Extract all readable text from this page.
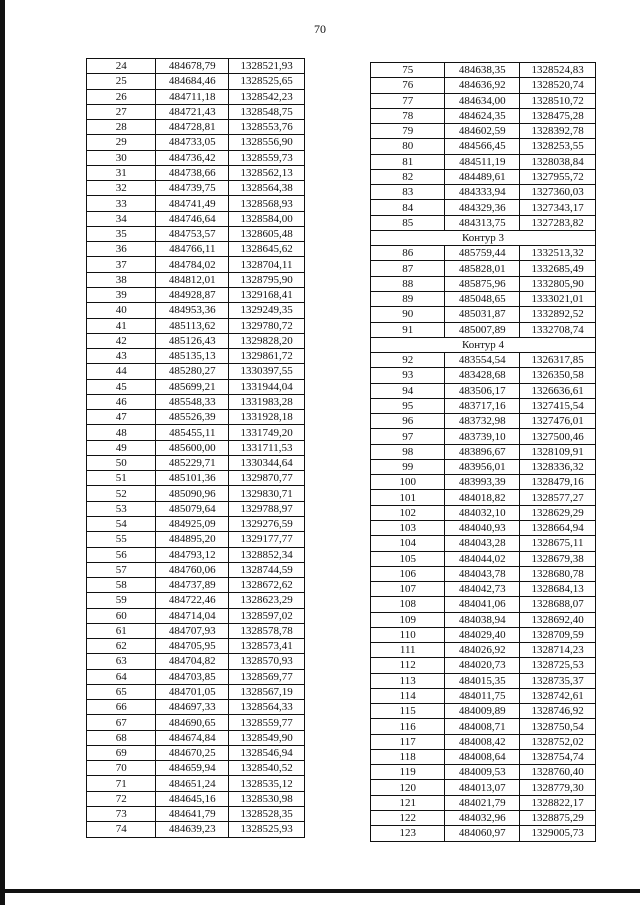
70
24	484678,79	1328521,93
25	484684,46	1328525,65
26	484711,18	1328542,23
27	484721,43	1328548,75
28	484728,81	1328553,76
29	484733,05	1328556,90
30	484736,42	1328559,73
31	484738,66	1328562,13
32	484739,75	1328564,38
33	484741,49	1328568,93
34	484746,64	1328584,00
35	484753,57	1328605,48
36	484766,11	1328645,62
37	484784,02	1328704,11
38	484812,01	1328795,90
39	484928,87	1329168,41
40	484953,36	1329249,35
41	485113,62	1329780,72
42	485126,43	1329828,20
43	485135,13	1329861,72
44	485280,27	1330397,55
45	485699,21	1331944,04
46	485548,33	1331983,28
47	485526,39	1331928,18
48	485455,11	1331749,20
49	485600,00	1331711,53
50	485229,71	1330344,64
51	485101,36	1329870,77
52	485090,96	1329830,71
53	485079,64	1329788,97
54	484925,09	1329276,59
55	484895,20	1329177,77
56	484793,12	1328852,34
57	484760,06	1328744,59
58	484737,89	1328672,62
59	484722,46	1328623,29
60	484714,04	1328597,02
61	484707,93	1328578,78
62	484705,95	1328573,41
63	484704,82	1328570,93
64	484703,85	1328569,77
65	484701,05	1328567,19
66	484697,33	1328564,33
67	484690,65	1328559,77
68	484674,84	1328549,90
69	484670,25	1328546,94
70	484659,94	1328540,52
71	484651,24	1328535,12
72	484645,16	1328530,98
73	484641,79	1328528,35
74	484639,23	1328525,93
75	484638,35	1328524,83
76	484636,92	1328520,74
77	484634,00	1328510,72
78	484624,35	1328475,28
79	484602,59	1328392,78
80	484566,45	1328253,55
81	484511,19	1328038,84
82	484489,61	1327955,72
83	484333,94	1327360,03
84	484329,36	1327343,17
85	484313,75	1327283,82
Контур 3		
86	485759,44	1332513,32
87	485828,01	1332685,49
88	485875,96	1332805,90
89	485048,65	1333021,01
90	485031,87	1332892,52
91	485007,89	1332708,74
Контур 4		
92	483554,54	1326317,85
93	483428,68	1326350,58
94	483506,17	1326636,61
95	483717,16	1327415,54
96	483732,98	1327476,01
97	483739,10	1327500,46
98	483896,67	1328109,91
99	483956,01	1328336,32
100	483993,39	1328479,16
101	484018,82	1328577,27
102	484032,10	1328629,29
103	484040,93	1328664,94
104	484043,28	1328675,11
105	484044,02	1328679,38
106	484043,78	1328680,78
107	484042,73	1328684,13
108	484041,06	1328688,07
109	484038,94	1328692,40
110	484029,40	1328709,59
111	484026,92	1328714,23
112	484020,73	1328725,53
113	484015,35	1328735,37
114	484011,75	1328742,61
115	484009,89	1328746,92
116	484008,71	1328750,54
117	484008,42	1328752,02
118	484008,64	1328754,74
119	484009,53	1328760,40
120	484013,07	1328779,30
121	484021,79	1328822,17
122	484032,96	1328875,29
123	484060,97	1329005,73
